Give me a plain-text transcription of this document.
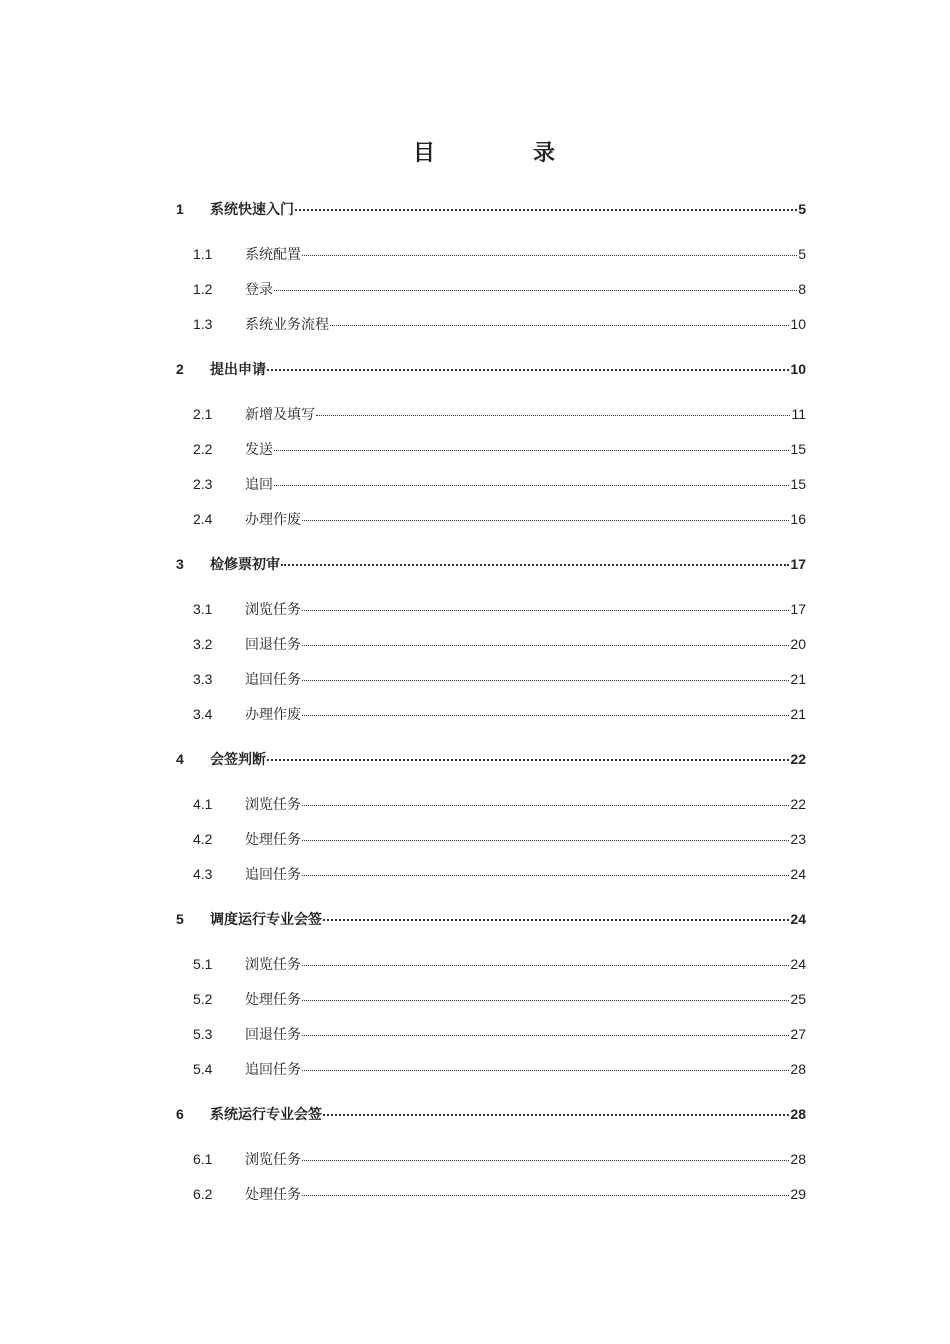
目　录
1	系统快速入门	5
1.1	系统配置	5
1.2	登录	8
1.3	系统业务流程	10
2	提出申请	10
2.1	新增及填写	11
2.2	发送	15
2.3	追回	15
2.4	办理作废	16
3	检修票初审	17
3.1	浏览任务	17
3.2	回退任务	20
3.3	追回任务	21
3.4	办理作废	21
4	会签判断	22
4.1	浏览任务	22
4.2	处理任务	23
4.3	追回任务	24
5	调度运行专业会签	24
5.1	浏览任务	24
5.2	处理任务	25
5.3	回退任务	27
5.4	追回任务	28
6	系统运行专业会签	28
6.1	浏览任务	28
6.2	处理任务	29
